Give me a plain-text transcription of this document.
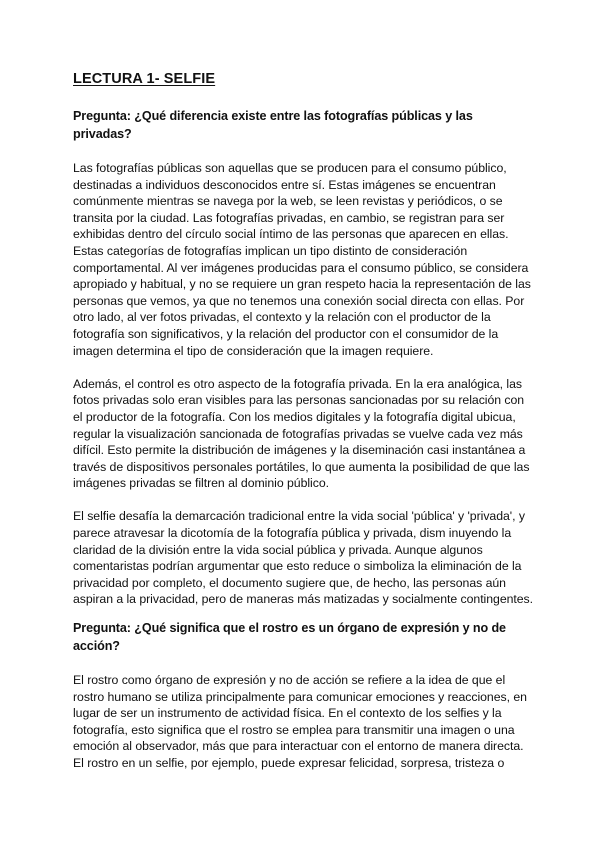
LECTURA 1- SELFIE
Pregunta: ¿Qué diferencia existe entre las fotografías públicas y las privadas?

Las fotografías públicas son aquellas que se producen para el consumo público, destinadas a individuos desconocidos entre sí. Estas imágenes se encuentran comúnmente mientras se navega por la web, se leen revistas y periódicos, o se transita por la ciudad. Las fotografías privadas, en cambio, se registran para ser exhibidas dentro del círculo social íntimo de las personas que aparecen en ellas. Estas categorías de fotografías implican un tipo distinto de consideración comportamental. Al ver imágenes producidas para el consumo público, se considera apropiado y habitual, y no se requiere un gran respeto hacia la representación de las personas que vemos, ya que no tenemos una conexión social directa con ellas. Por otro lado, al ver fotos privadas, el contexto y la relación con el productor de la fotografía son significativos, y la relación del productor con el consumidor de la imagen determina el tipo de consideración que la imagen requiere.

Además, el control es otro aspecto de la fotografía privada. En la era analógica, las fotos privadas solo eran visibles para las personas sancionadas por su relación con el productor de la fotografía. Con los medios digitales y la fotografía digital ubicua, regular la visualización sancionada de fotografías privadas se vuelve cada vez más difícil. Esto permite la distribución de imágenes y la diseminación casi instantánea a través de dispositivos personales portátiles, lo que aumenta la posibilidad de que las imágenes privadas se filtren al dominio público.

El selfie desafía la demarcación tradicional entre la vida social 'pública' y 'privada', y parece atravesar la dicotomía de la fotografía pública y privada, dism inuyendo la claridad de la división entre la vida social pública y privada. Aunque algunos comentaristas podrían argumentar que esto reduce o simboliza la eliminación de la privacidad por completo, el documento sugiere que, de hecho, las personas aún aspiran a la privacidad, pero de maneras más matizadas y socialmente contingentes.

Pregunta: ¿Qué significa que el rostro es un órgano de expresión y no de acción?

El rostro como órgano de expresión y no de acción se refiere a la idea de que el rostro humano se utiliza principalmente para comunicar emociones y reacciones, en lugar de ser un instrumento de actividad física. En el contexto de los selfies y la fotografía, esto significa que el rostro se emplea para transmitir una imagen o una emoción al observador, más que para interactuar con el entorno de manera directa. El rostro en un selfie, por ejemplo, puede expresar felicidad, sorpresa, tristeza o
